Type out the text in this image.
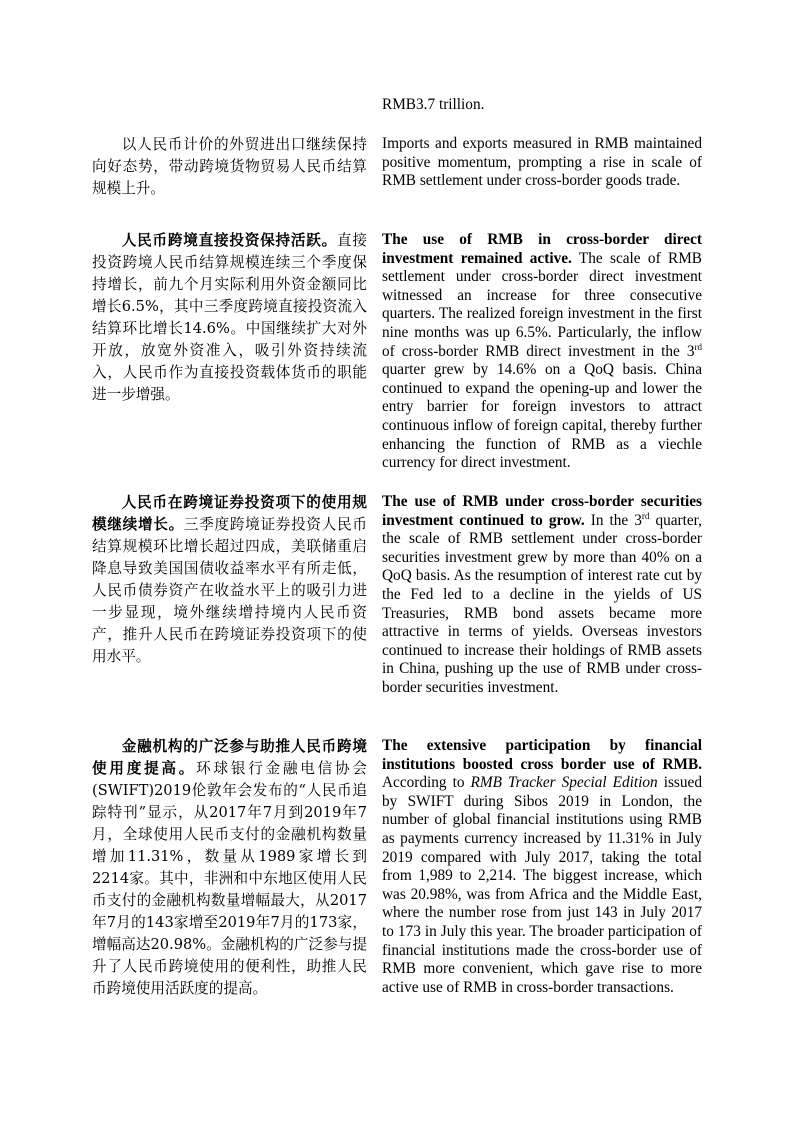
RMB3.7 trillion.

以人民币计价的外贸进出口继续保持向好态势，带动跨境货物贸易人民币结算规模上升。

Imports and exports measured in RMB maintained positive momentum, prompting a rise in scale of RMB settlement under cross-border goods trade.

人民币跨境直接投资保持活跃。直接投资跨境人民币结算规模连续三个季度保持增长，前九个月实际利用外资金额同比增长6.5%，其中三季度跨境直接投资流入结算环比增长14.6%。中国继续扩大对外开放，放宽外资准入，吸引外资持续流入，人民币作为直接投资载体货币的职能进一步增强。

The use of RMB in cross-border direct investment remained active. The scale of RMB settlement under cross-border direct investment witnessed an increase for three consecutive quarters. The realized foreign investment in the first nine months was up 6.5%. Particularly, the inflow of cross-border RMB direct investment in the 3rd quarter grew by 14.6% on a QoQ basis. China continued to expand the opening-up and lower the entry barrier for foreign investors to attract continuous inflow of foreign capital, thereby further enhancing the function of RMB as a viechle currency for direct investment.

人民币在跨境证券投资项下的使用规模继续增长。三季度跨境证券投资人民币结算规模环比增长超过四成，美联储重启降息导致美国国债收益率水平有所走低，人民币债券资产在收益水平上的吸引力进一步显现，境外继续增持境内人民币资产，推升人民币在跨境证券投资项下的使用水平。

The use of RMB under cross-border securities investment continued to grow. In the 3rd quarter, the scale of RMB settlement under cross-border securities investment grew by more than 40% on a QoQ basis. As the resumption of interest rate cut by the Fed led to a decline in the yields of US Treasuries, RMB bond assets became more attractive in terms of yields. Overseas investors continued to increase their holdings of RMB assets in China, pushing up the use of RMB under cross-border securities investment.

金融机构的广泛参与助推人民币跨境使用度提高。环球银行金融电信协会(SWIFT)2019伦敦年会发布的“人民币追踪特刊”显示，从2017年7月到2019年7月，全球使用人民币支付的金融机构数量增加11.31%，数量从1989家增长到2214家。其中，非洲和中东地区使用人民币支付的金融机构数量增幅最大，从2017年7月的143家增至2019年7月的173家，增幅高达20.98%。金融机构的广泛参与提升了人民币跨境使用的便利性，助推人民币跨境使用活跃度的提高。

The extensive participation by financial institutions boosted cross border use of RMB. According to RMB Tracker Special Edition issued by SWIFT during Sibos 2019 in London, the number of global financial institutions using RMB as payments currency increased by 11.31% in July 2019 compared with July 2017, taking the total from 1,989 to 2,214. The biggest increase, which was 20.98%, was from Africa and the Middle East, where the number rose from just 143 in July 2017 to 173 in July this year. The broader participation of financial institutions made the cross-border use of RMB more convenient, which gave rise to more active use of RMB in cross-border transactions.
